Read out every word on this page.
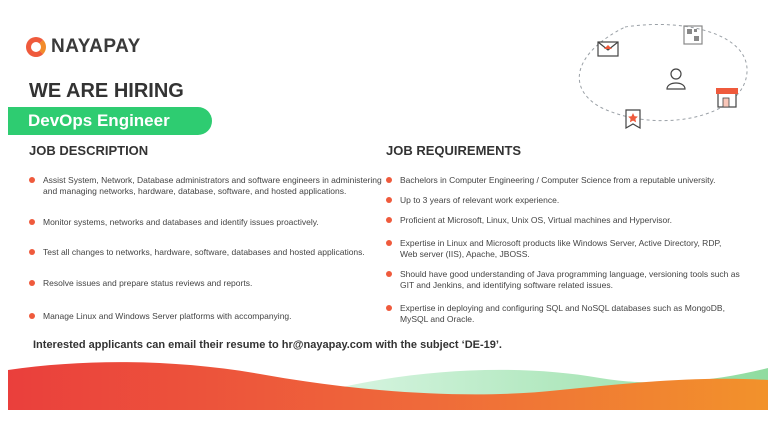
NAYAPAY
WE ARE HIRING
DevOps Engineer
JOB DESCRIPTION
Assist System, Network, Database administrators and software engineers in administering and managing networks, hardware, database, software, and hosted applications.
Monitor systems, networks and databases and identify issues proactively.
Test all changes to networks, hardware, software, databases and hosted applications.
Resolve issues and prepare status reviews and reports.
Manage Linux and Windows Server platforms with accompanying.
JOB REQUIREMENTS
Bachelors in Computer Engineering / Computer Science from a reputable university.
Up to 3 years of relevant work experience.
Proficient at Microsoft, Linux, Unix OS, Virtual machines and Hypervisor.
Expertise in Linux and Microsoft products like Windows Server, Active Directory, RDP, Web server (IIS), Apache, JBOSS.
Should have good understanding of Java programming language, versioning tools such as GIT and Jenkins, and identifying software related issues.
Expertise in deploying and configuring SQL and NoSQL databases such as MongoDB, MySQL and Oracle.
Interested applicants can email their resume to hr@nayapay.com with the subject ‘DE-19’.
